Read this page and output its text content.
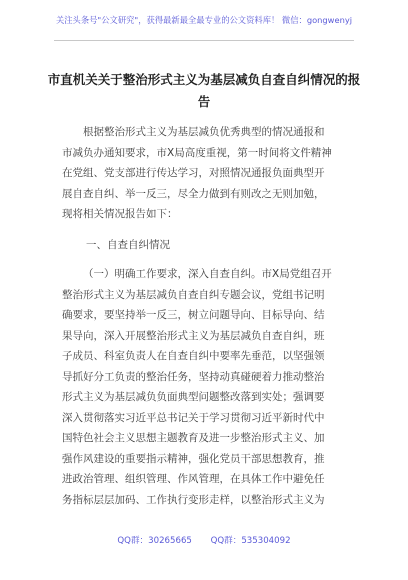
关注头条号"公文研究"，获得最新最全最专业的公文资料库！ 微信：gongwenyj
市直机关关于整治形式主义为基层减负自查自纠情况的报
告
根据整治形式主义为基层减负优秀典型的情况通报和
市减负办通知要求，市X局高度重视，第一时间将文件精神
在党组、党支部进行传达学习，对照情况通报负面典型开
展自查自纠、举一反三，尽全力做到有则改之无则加勉，
现将相关情况报告如下：
一、自查自纠情况
（一）明确工作要求，深入自查自纠。市X局党组召开
整治形式主义为基层减负自查自纠专题会议，党组书记明
确要求，要坚持举一反三，树立问题导向、目标导向、结
果导向，深入开展整治形式主义为基层减负自查自纠，班
子成员、科室负责人在自查自纠中要率先垂范，以坚强领
导抓好分工负责的整治任务，坚持动真碰硬着力推动整治
形式主义为基层减负负面典型问题整改落到实处；强调要
深入贯彻落实习近平总书记关于学习贯彻习近平新时代中
国特色社会主义思想主题教育及进一步整治形式主义、加
强作风建设的重要指示精神，强化党员干部思想教育，推
进政治管理、组织管理、作风管理，在具体工作中避免任
务指标层层加码、工作执行变形走样，以整治形式主义为
QQ群：30265665 QQ群：535304092
